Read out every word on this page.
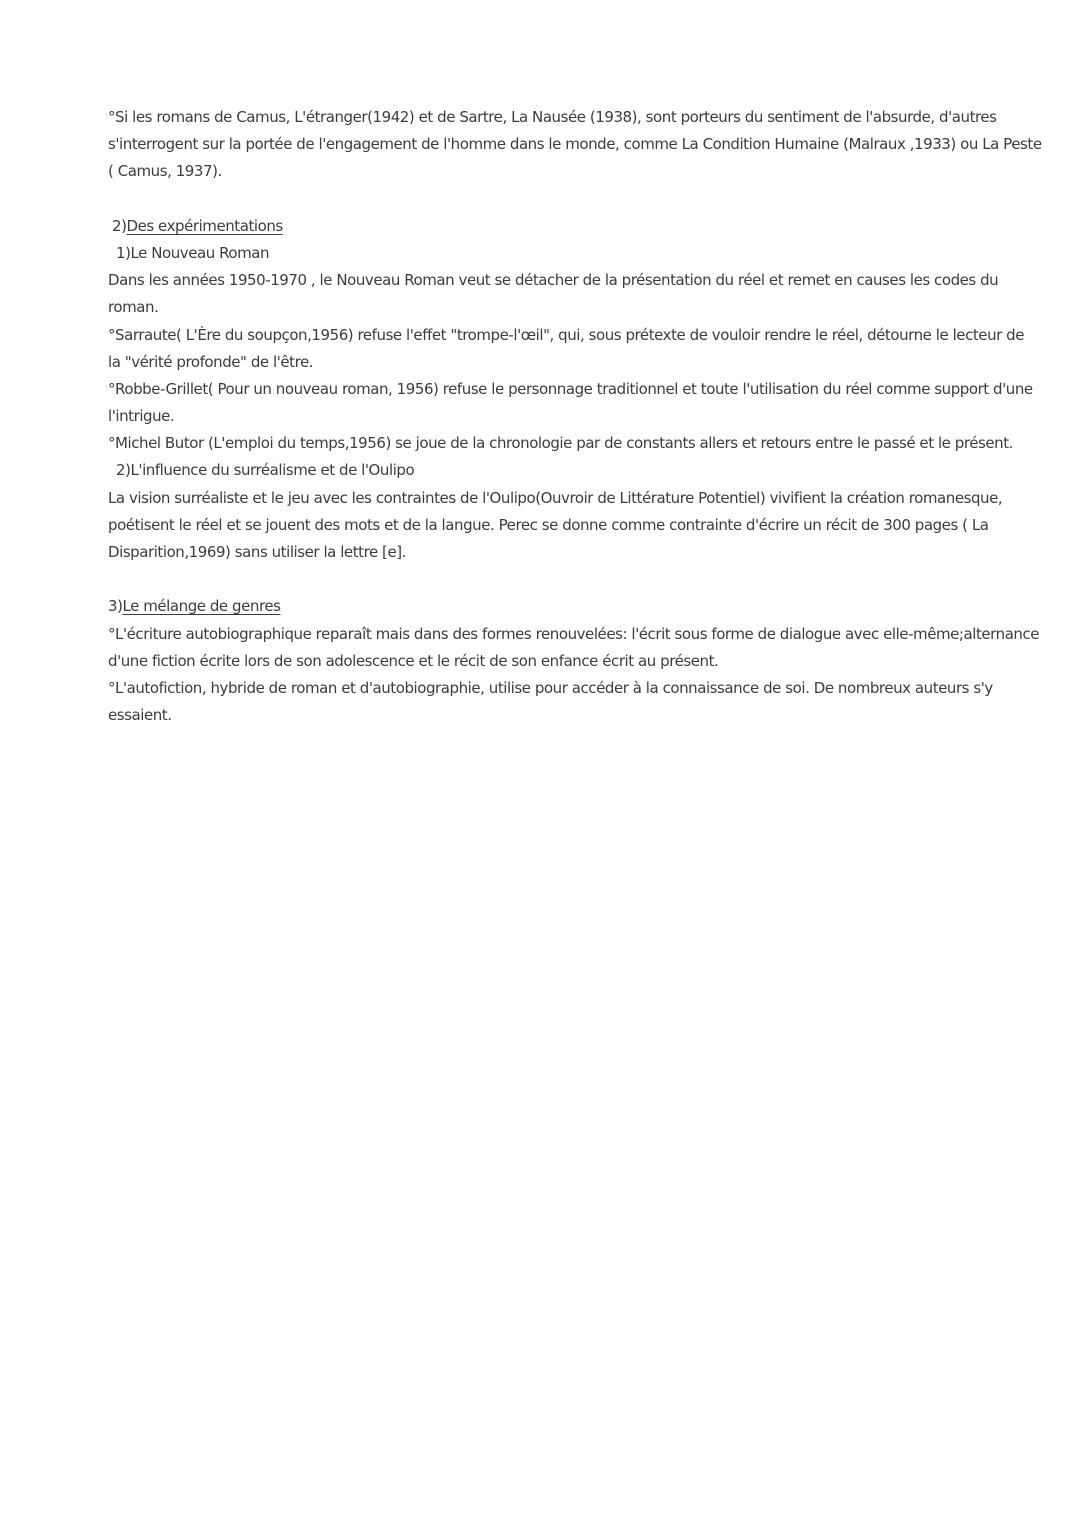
°Si les romans de Camus, L'étranger(1942) et de Sartre, La Nausée (1938), sont porteurs du sentiment de l'absurde, d'autres
s'interrogent sur la portée de l'engagement de l'homme dans le monde, comme La Condition Humaine (Malraux ,1933) ou La Peste
( Camus, 1937).
2)Des expérimentations
1)Le Nouveau Roman
Dans les années 1950-1970 , le Nouveau Roman veut se détacher de la présentation du réel et remet en causes les codes du
roman.
°Sarraute( L'Ère du soupçon,1956) refuse l'effet "trompe-l'œil", qui, sous prétexte de vouloir rendre le réel, détourne le lecteur de
la "vérité profonde" de l'être.
°Robbe-Grillet( Pour un nouveau roman, 1956) refuse le personnage traditionnel et toute l'utilisation du réel comme support d'une
l'intrigue.
°Michel Butor (L'emploi du temps,1956) se joue de la chronologie par de constants allers et retours entre le passé et le présent.
2)L'influence du surréalisme et de l'Oulipo
La vision surréaliste et le jeu avec les contraintes de l'Oulipo(Ouvroir de Littérature Potentiel) vivifient la création romanesque,
poétisent le réel et se jouent des mots et de la langue. Perec se donne comme contrainte d'écrire un récit de 300 pages ( La
Disparition,1969) sans utiliser la lettre [e].
3)Le mélange de genres
°L'écriture autobiographique reparaît mais dans des formes renouvelées: l'écrit sous forme de dialogue avec elle-même;alternance
d'une fiction écrite lors de son adolescence et le récit de son enfance écrit au présent.
°L'autofiction, hybride de roman et d'autobiographie, utilise pour accéder à la connaissance de soi. De nombreux auteurs s'y
essaient.
